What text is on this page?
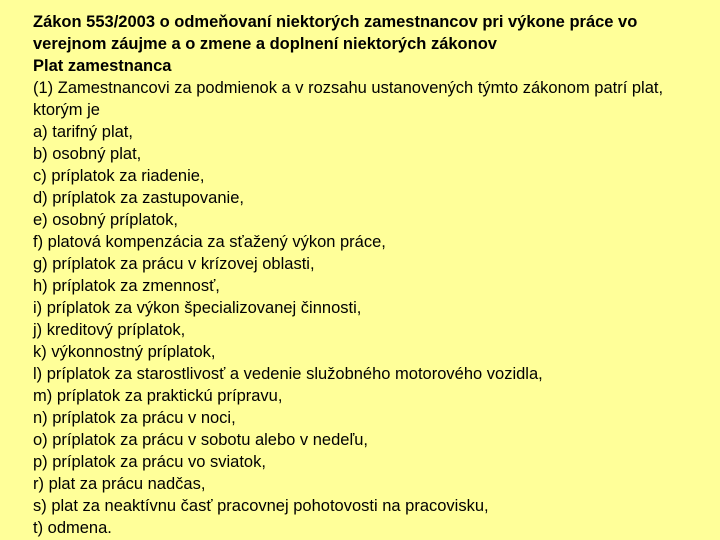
Zákon 553/2003 o odmeňovaní niektorých zamestnancov pri výkone práce vo verejnom záujme a o zmene a doplnení niektorých zákonov

Plat zamestnanca

(1) Zamestnancovi za podmienok a v rozsahu ustanovených týmto zákonom patrí plat, ktorým je

a) tarifný plat,
b) osobný plat,
c) príplatok za riadenie,
d) príplatok za zastupovanie,
e) osobný príplatok,
f) platová kompenzácia za sťažený výkon práce,
g) príplatok za prácu v krízovej oblasti,
h) príplatok za zmennosť,
i) príplatok za výkon špecializovanej činnosti,
j) kreditový príplatok,
k) výkonnostný príplatok,
l) príplatok za starostlivosť a vedenie služobného motorového vozidla,
m) príplatok za praktickú prípravu,
n) príplatok za prácu v noci,
o) príplatok za prácu v sobotu alebo v nedeľu,
p) príplatok za prácu vo sviatok,
r) plat za prácu nadčas,
s) plat za neaktívnu časť pracovnej pohotovosti na pracovisku,
t) odmena.
